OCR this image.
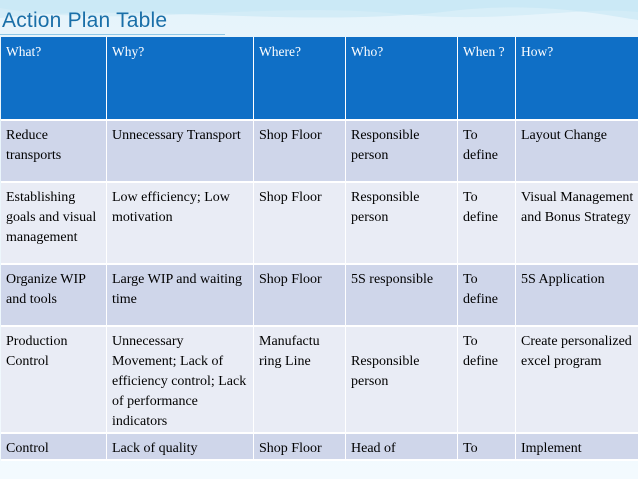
Action Plan Table
What?	Why?	Where?	Who?	When ?	How?

Reduce transports	Unnecessary Transport	Shop Floor	Responsible person	To define	Layout Change

Establishing goals and visual management	Low efficiency; Low motivation	Shop Floor	Responsible person	To define	Visual Management and Bonus Strategy

Organize WIP and tools	Large WIP and waiting time	Shop Floor	5S responsible	To define	5S Application

Production Control	Unnecessary Movement; Lack of efficiency control; Lack of performance indicators	Manufactu ring Line	Responsible person	To define	Create personalized excel program

Control	Lack of quality	Shop Floor	Head of	To	Implement
